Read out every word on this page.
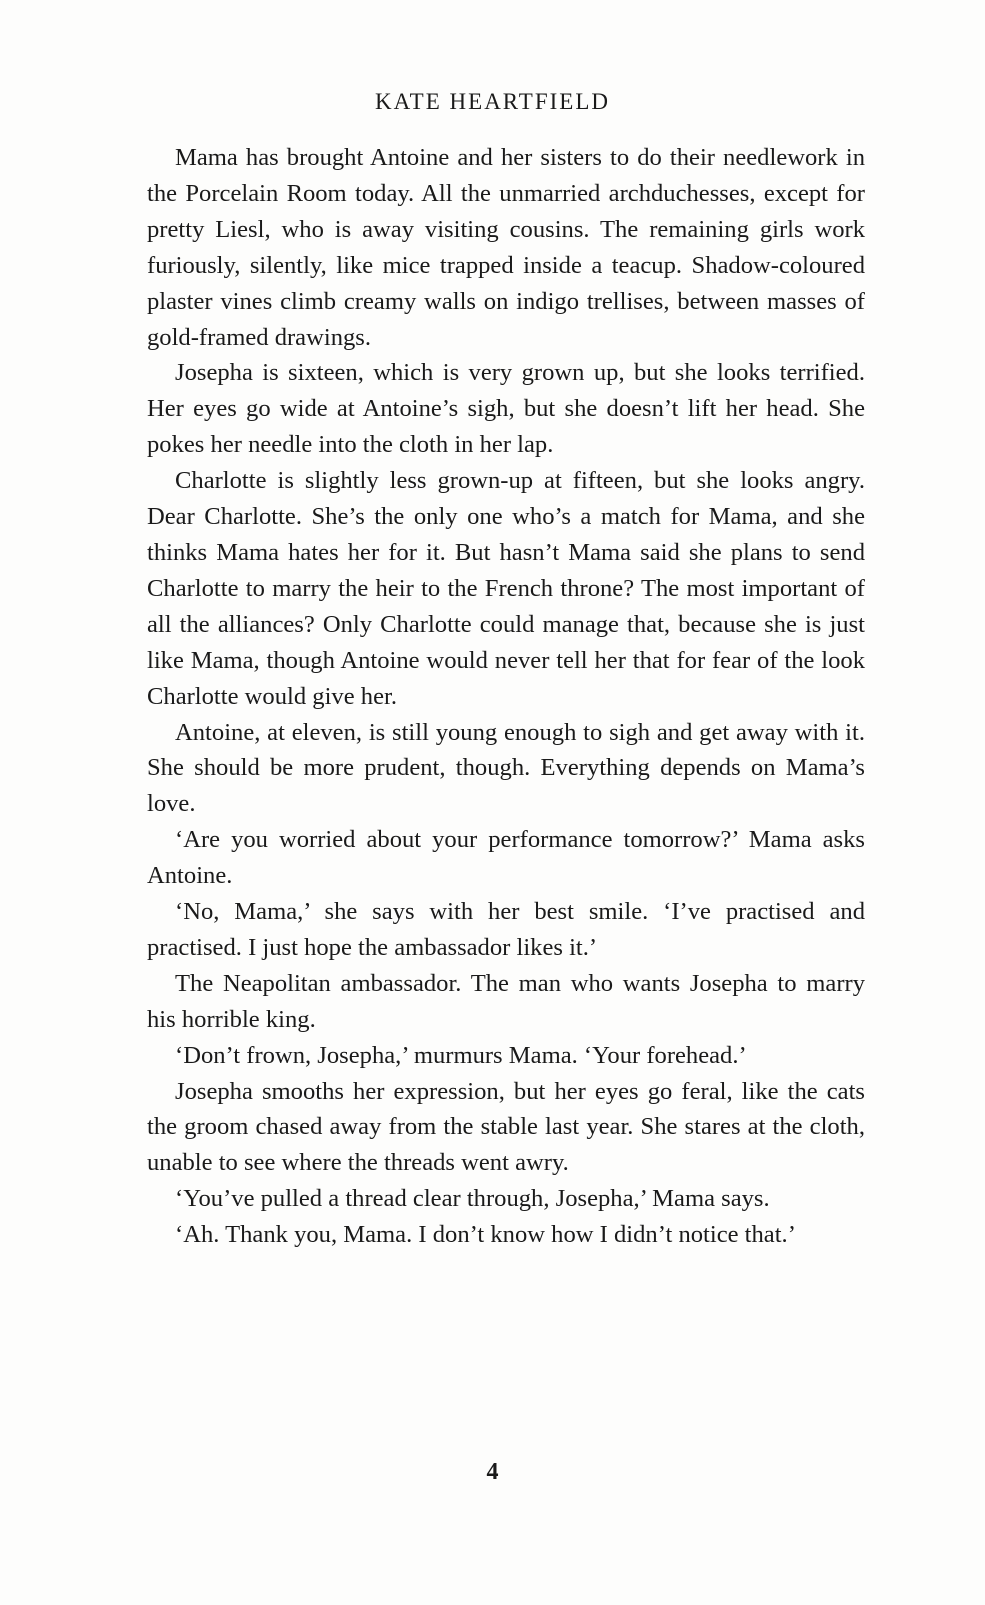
KATE HEARTFIELD

Mama has brought Antoine and her sisters to do their needlework in the Porcelain Room today. All the unmarried archduchesses, except for pretty Liesl, who is away visiting cousins. The remaining girls work furiously, silently, like mice trapped inside a teacup. Shadow-coloured plaster vines climb creamy walls on indigo trellises, between masses of gold-framed drawings.

Josepha is sixteen, which is very grown up, but she looks terrified. Her eyes go wide at Antoine’s sigh, but she doesn’t lift her head. She pokes her needle into the cloth in her lap.

Charlotte is slightly less grown-up at fifteen, but she looks angry. Dear Charlotte. She’s the only one who’s a match for Mama, and she thinks Mama hates her for it. But hasn’t Mama said she plans to send Charlotte to marry the heir to the French throne? The most important of all the alliances? Only Charlotte could manage that, because she is just like Mama, though Antoine would never tell her that for fear of the look Charlotte would give her.

Antoine, at eleven, is still young enough to sigh and get away with it. She should be more prudent, though. Everything depends on Mama’s love.

‘Are you worried about your performance tomorrow?’ Mama asks Antoine.

‘No, Mama,’ she says with her best smile. ‘I’ve practised and practised. I just hope the ambassador likes it.’

The Neapolitan ambassador. The man who wants Josepha to marry his horrible king.

‘Don’t frown, Josepha,’ murmurs Mama. ‘Your forehead.’

Josepha smooths her expression, but her eyes go feral, like the cats the groom chased away from the stable last year. She stares at the cloth, unable to see where the threads went awry.

‘You’ve pulled a thread clear through, Josepha,’ Mama says.

‘Ah. Thank you, Mama. I don’t know how I didn’t notice that.’

4
